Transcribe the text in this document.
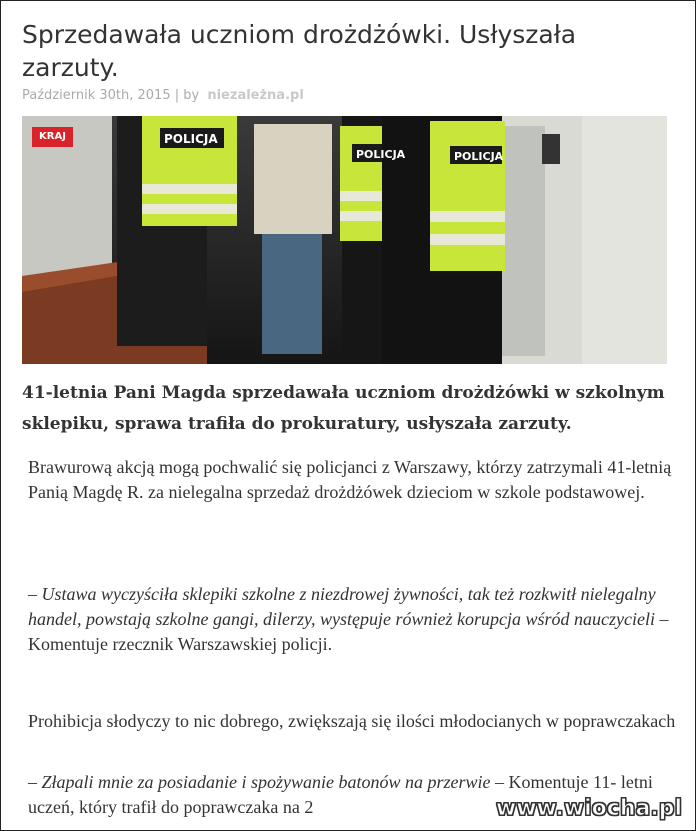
Sprzedawała uczniom drożdżówki. Usłyszała zarzuty.
Październik 30th, 2015 | by niezależna.pl
POLICJA
POLICJA	POLICJA
KRAJ

41-letnia Pani Magda sprzedawała uczniom drożdżówki w szkolnym sklepiku, sprawa trafiła do prokuratury, usłyszała zarzuty.

Brawurową akcją mogą pochwalić się policjanci z Warszawy, którzy zatrzymali 41-letnią Panią Magdę R. za nielegalna sprzedaż drożdżówek dzieciom w szkole podstawowej.

– Ustawa wyczyściła sklepiki szkolne z niezdrowej żywności, tak też rozkwitł nielegalny handel, powstają szkolne gangi, dilerzy, występuje również korupcja wśród nauczycieli – Komentuje rzecznik Warszawskiej policji.

Prohibicja słodyczy to nic dobrego, zwiększają się ilości młodocianych w poprawczakach

– Złapali mnie za posiadanie i spożywanie batonów na przerwie – Komentuje 11- letni uczeń, który trafił do poprawczaka na 2	www.wiocha.pl
